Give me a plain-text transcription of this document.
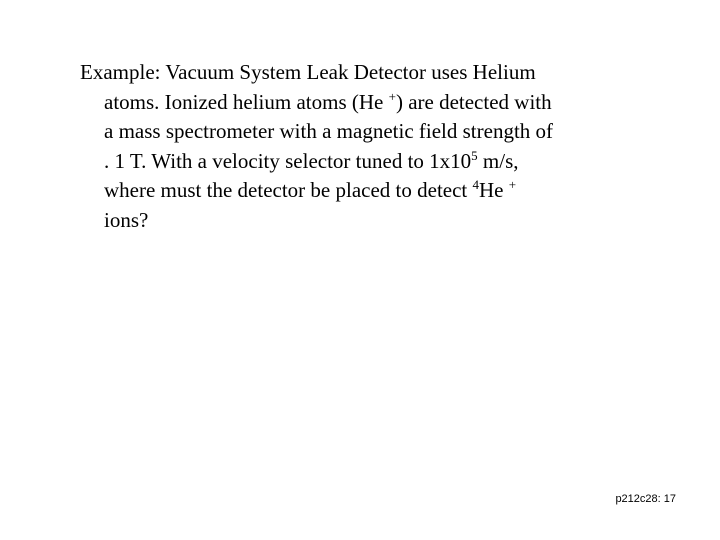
Example: Vacuum System Leak Detector uses Helium
atoms. Ionized helium atoms (He +) are detected with
a mass spectrometer with a magnetic field strength of
. 1 T. With a velocity selector tuned to $1x10^5$ m/s,
where must the detector be placed to detect $^4$He +
ions?
p212c28: 17
